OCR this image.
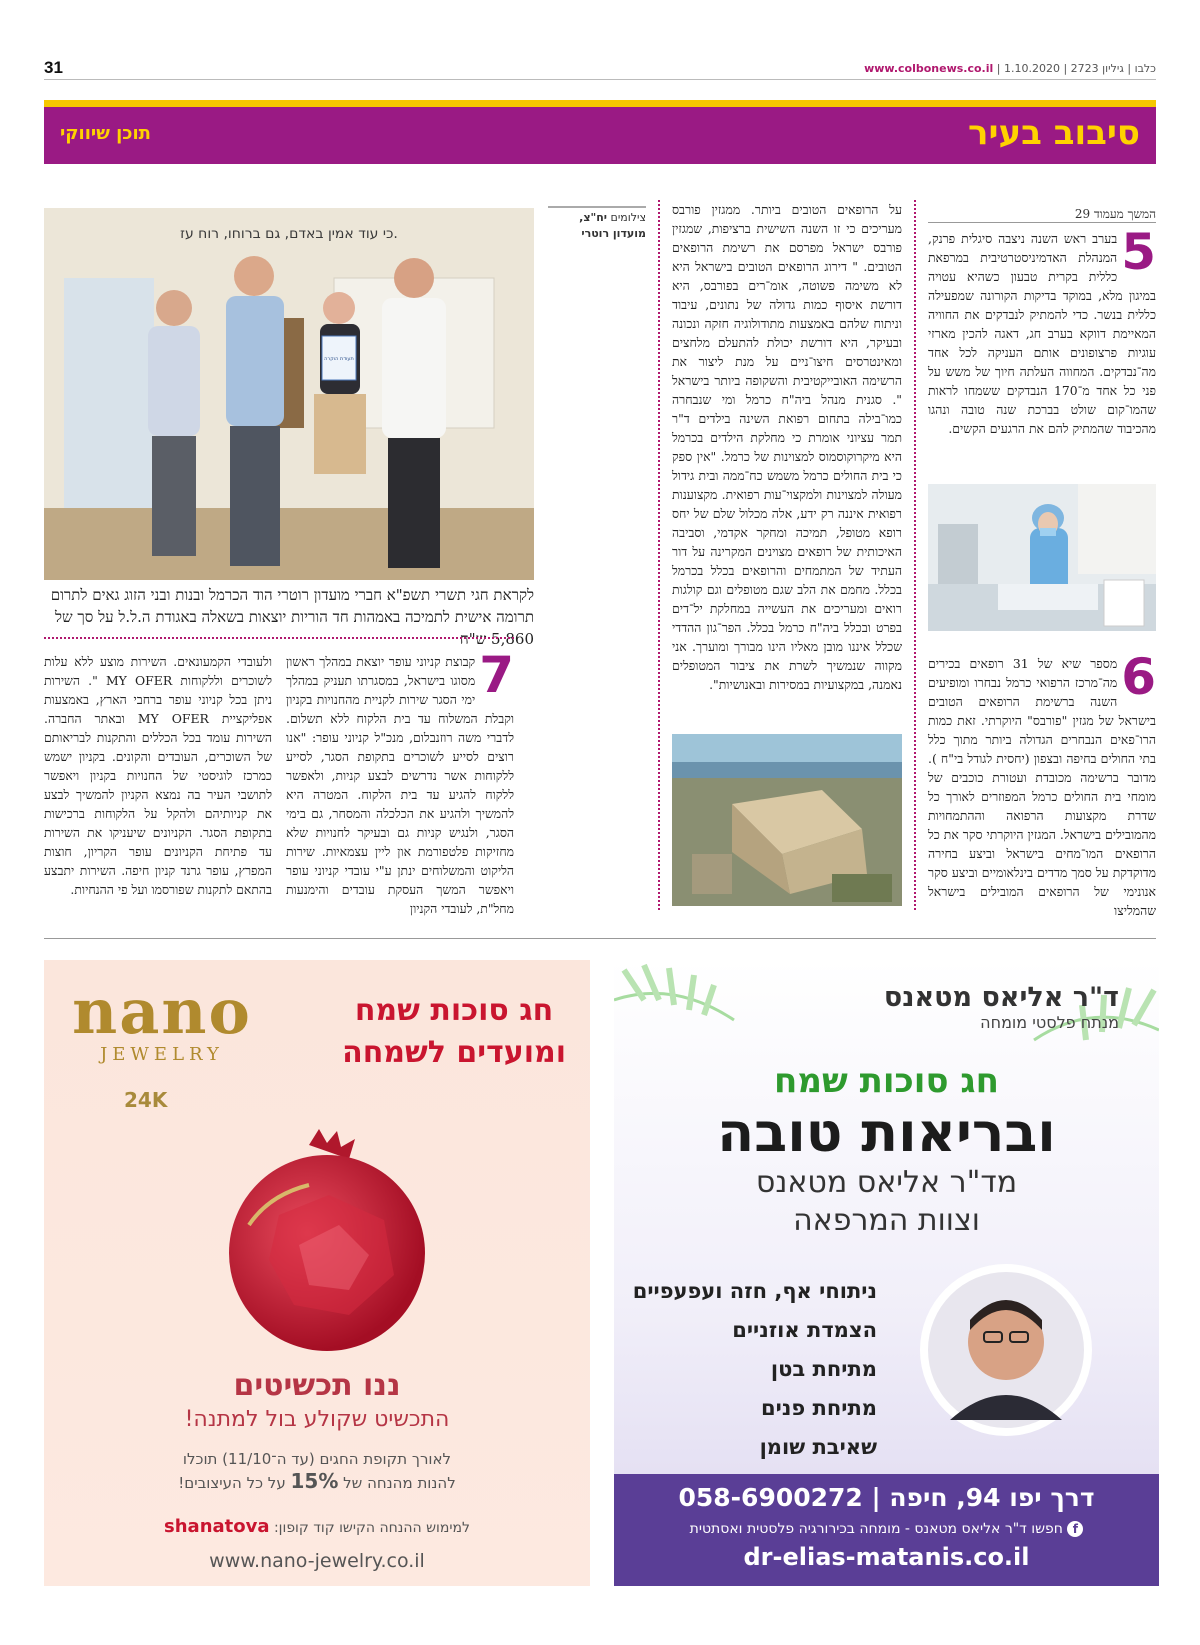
31	כלבו | גיליון 2723 | 1.10.2020 | www.colbonews.co.il
סיבוב בעיר
תוכן שיווקי
המשך מעמוד 29
5

בערב ראש השנה ניצבה סיגלית פרנק, המנהלת האדמיניסטרטיבית במרפאת כללית בקרית טבעון כשהיא עטויה במיגון מלא, במוקד בדיקות הקורונה שמפעילה כללית בנשר. כדי להמתיק לנבדקים את החוויה המאיימת דווקא בערב חג, דאגה להכין מארזי עוגיות פרצופונים אותם העניקה לכל אחד מה־נבדקים. המחווה העלתה חיוך של משש על פני כל אחד מ־170 הנבדקים ששמחו לראות שהמו־קום שולט בברכת שנה טובה ונהגו מהכיבוד שהמתיק להם את הרגעים הקשים.

6

מספר שיא של 31 רופאים בכירים מה־מרכז הרפואי כרמל נבחרו ומופיעים השנה ברשימת הרופאים הטובים בישראל של מגזין "פורבס" היוקרתי. זאת כמות הרו־פאים הנבחרים הגדולה ביותר מתוך כלל בתי החולים בחיפה ובצפון (יחסית לגודל בי"ח ). מדובר ברשימה מכובדת ועטורת כוכבים של מומחי בית החולים כרמל המפוזרים לאורך כל שדרת מקצועות הרפואה וההתמחויות מהמובילים בישראל. המגזין היוקרתי סקר את כל הרופאים המו־מחים בישראל וביצע בחירה מדוקדקת על סמך מדדים בינלאומיים וביצע סקר אנונימי של הרופאים המובילים בישראל שהמליצו

על הרופאים הטובים ביותר. ממגזין פורבס מעריכים כי זו השנה השישית ברציפות, שמגזין פורבס ישראל מפרסם את רשימת הרופאים הטובים. " דירוג הרופאים הטובים בישראל היא לא משימה פשוטה, אומ־רים בפורבס, היא דורשת איסוף כמות גדולה של נתונים, עיבוד וניתוח שלהם באמצעות מתודולוגיה חזקה ונכונה ובעיקר, היא דורשת יכולת להתעלם מלחצים ומאינטרסים חיצו־ניים על מנת ליצור את הרשימה האובייקטיבית והשקופה ביותר בישראל ". סגנית מנהל ביה"ח כרמל ומי שנבחרה כמו־בילה בתחום רפואת השינה בילדים ד"ר תמר עציוני אומרת כי מחלקת הילדים בכרמל היא מיקרוקוסמוס למצוינות של כרמל. "אין ספק כי בית החולים כרמל משמש כח־ממה ובית גידול מעולה למצוינות ולמקצוי־עות רפואית. מקצוענות רפואית איננה רק ידע, אלה מכלול שלם של יחס רופא מטופל, תמיכה ומחקר אקדמי, וסביבה האיכותית של רופאים מצוינים המקרינה על דור העתיד של המתמחים והרופאים בכלל בכרמל בכלל. מחמם את הלב שגם מטופלים וגם קולגות רואים ומעריכים את העשייה במחלקת יל־דים בפרט ובכלל ביה"ח כרמל בכלל. הפר־גון ההדדי שכלל איננו מובן מאליו הינו מבורך ומוערך. אני מקווה שנמשיך לשרת את ציבור המטופלים נאמנה, במקצועיות במסירות ובאנושיות".

צילומים יח"צ,
מועדון רוטרי
תעודת הוקרה
כי עוד אמין באדם, גם ברוחו, רוח עז.
לקראת חגי תשרי תשפ"א חברי מועדון רוטרי הוד הכרמל ובנות ובני הזוג גאים לתרום תרומה אישית לתמיכה באמהות חד הוריות יוצאות בשאלה באגודת ה.ל.ל על סך של 5,860 ש"ח
7

קבוצת קניוני עופר יוצאת במהלך ראשון מסוגו בישראל, במסגרתו תעניק במהלך ימי הסגר שירות לקניית מהחנויות בקניון וקבלת המשלוח עד בית הלקוח ללא תשלום. לדברי משה רוזנבלום, מנכ"ל קניוני עופר: "אנו רוצים לסייע לשוכרים בתקופת הסגר, לסייע ללקוחות אשר נדרשים לבצע קניות, ולאפשר ללקוח להגיע עד בית הלקוח. המטרה היא להמשיך ולהגיע את הכלכלה והמסחר, גם בימי הסגר, ולנגיש קניות גם ובעיקר לחנויות שלא מחזיקות פלטפורמת און ליין עצמאיות. שירות הליקוט והמשלוחים ינתן ע"י עובדי קניוני עופר ויאפשר המשך העסקת עובדים והימנעות מחל"ת, לעובדי הקניון

ולעובדי הקמעונאים. השירות מוצע ללא עלות לשוכרים וללקוחות MY OFER ". השירות ניתן בכל קניוני עופר ברחבי הארץ, באמצעות אפליקציית MY OFER ובאתר החברה. השירות עומד בכל הכללים והתקנות לבריאותם של השוכרים, העובדים והקונים. בקניון ישמש כמרכז לוגיסטי של החנויות בקניון ויאפשר לתושבי העיר בה נמצא הקניון להמשיך לבצע את קניותיהם ולהקל על הלקוחות ברכישות בתקופת הסגר. הקניונים שיעניקו את השירות עד פתיחת הקניונים עופר הקריון, חוצות המפרץ, עופר גרנד קניון חיפה. השירות יתבצע בהתאם לתקנות שפורסמו ועל פי ההנחיות.

חג סוכות שמח
ומועדים לשמחה
nano
JEWELRY
24K
ננו תכשיטים
התכשיט שקולע בול למתנה!
לאורך תקופת החגים (עד ה־11/10) תוכלו
להנות מהנחה של 15% על כל העיצובים!
למימוש ההנחה הקישו קוד קופון: shanatova
www.nano-jewelry.co.il
ד"ר אליאס מטאנס
מנתח פלסטי מומחה
חג סוכות שמח
ובריאות טובה
מד"ר אליאס מטאנס
וצוות המרפאה
ניתוחי אף, חזה ועפעפיים
הצמדת אוזניים
מתיחת בטן
מתיחת פנים
שאיבת שומן
דרך יפו 94, חיפה | 058-6900272
f חפשו ד"ר אליאס מטאנס - מומחה בכירורגיה פלסטית ואסתטית
dr-elias-matanis.co.il
